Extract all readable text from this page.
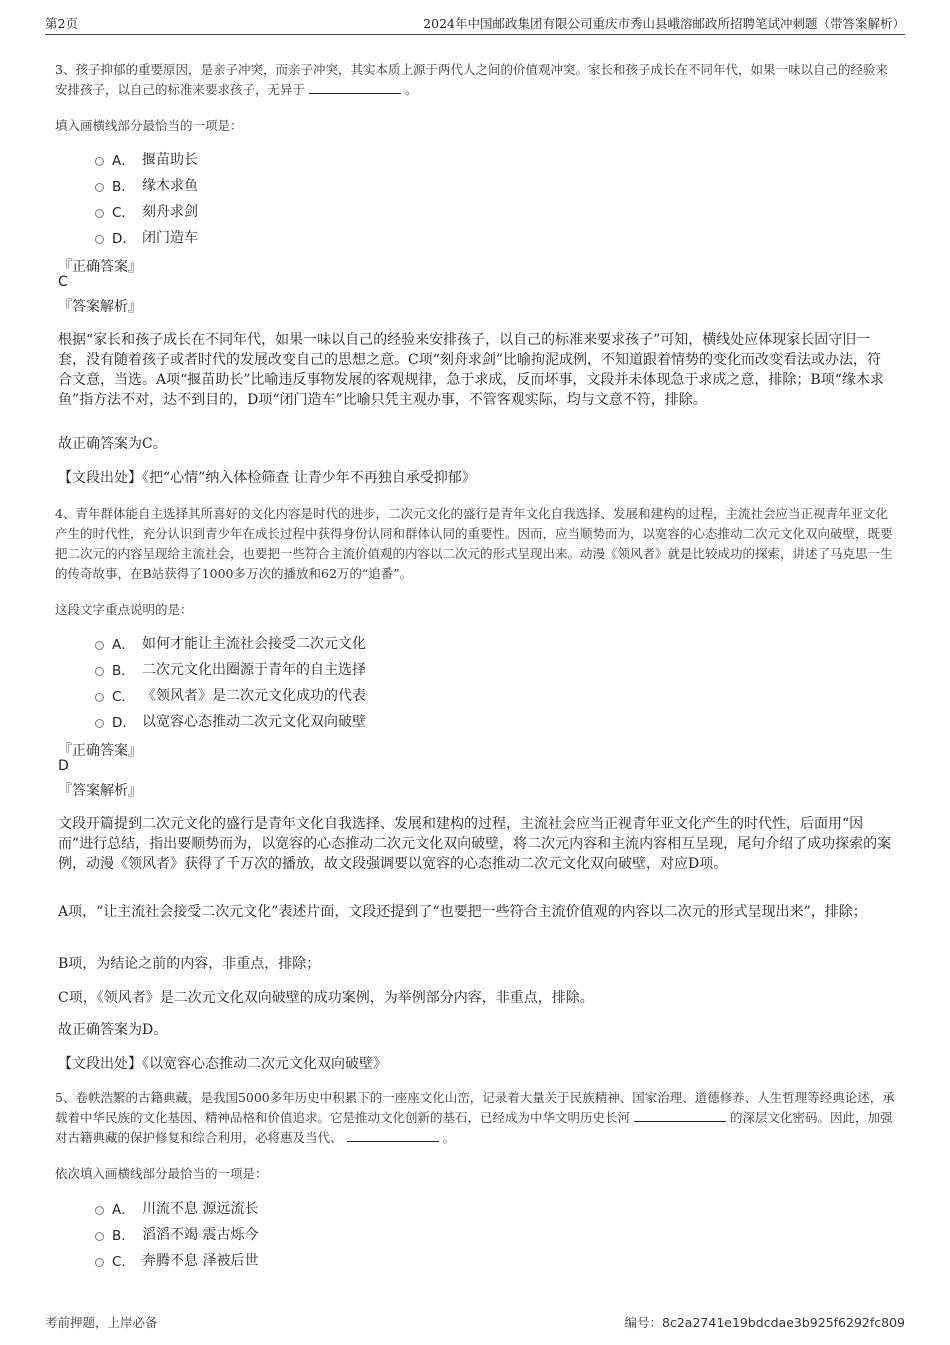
第2页	2024年中国邮政集团有限公司重庆市秀山县峨溶邮政所招聘笔试冲刺题（带答案解析）
3、孩子抑郁的重要原因，是亲子冲突，而亲子冲突，其实本质上源于两代人之间的价值观冲突。家长和孩子成长在不同年代，如果一味以自己的经验来安排孩子，以自己的标准来要求孩子，无异于	。
填入画横线部分最恰当的一项是：
A． 揠苗助长
B． 缘木求鱼
C． 刻舟求剑
D． 闭门造车
『正确答案』
C
『答案解析』
根据“家长和孩子成长在不同年代，如果一味以自己的经验来安排孩子，以自己的标准来要求孩子”可知，横线处应体现家长固守旧一套，没有随着孩子或者时代的发展改变自己的思想之意。C项“刻舟求剑”比喻拘泥成例，不知道跟着情势的变化而改变看法或办法，符合文意，当选。A项“揠苗助长”比喻违反事物发展的客观规律，急于求成，反而坏事，文段并未体现急于求成之意，排除；B项“缘木求鱼”指方法不对，达不到目的，D项“闭门造车”比喻只凭主观办事，不管客观实际，均与文意不符，排除。
故正确答案为C。
【文段出处】《把“心情”纳入体检筛查 让青少年不再独自承受抑郁》
4、青年群体能自主选择其所喜好的文化内容是时代的进步，二次元文化的盛行是青年文化自我选择、发展和建构的过程，主流社会应当正视青年亚文化产生的时代性，充分认识到青少年在成长过程中获得身份认同和群体认同的重要性。因而，应当顺势而为，以宽容的心态推动二次元文化双向破壁，既要把二次元的内容呈现给主流社会，也要把一些符合主流价值观的内容以二次元的形式呈现出来。动漫《领风者》就是比较成功的探索，讲述了马克思一生的传奇故事，在B站获得了1000多万次的播放和62万的“追番”。
这段文字重点说明的是：
A． 如何才能让主流社会接受二次元文化
B． 二次元文化出圈源于青年的自主选择
C． 《领风者》是二次元文化成功的代表
D． 以宽容心态推动二次元文化双向破壁
『正确答案』
D
『答案解析』
文段开篇提到二次元文化的盛行是青年文化自我选择、发展和建构的过程，主流社会应当正视青年亚文化产生的时代性，后面用“因而”进行总结，指出要顺势而为，以宽容的心态推动二次元文化双向破壁，将二次元内容和主流内容相互呈现，尾句介绍了成功探索的案例，动漫《领风者》获得了千万次的播放，故文段强调要以宽容的心态推动二次元文化双向破壁，对应D项。
A项，“让主流社会接受二次元文化”表述片面，文段还提到了“也要把一些符合主流价值观的内容以二次元的形式呈现出来”，排除；
B项，为结论之前的内容，非重点，排除；
C项，《领风者》是二次元文化双向破壁的成功案例，为举例部分内容，非重点，排除。
故正确答案为D。
【文段出处】《以宽容心态推动二次元文化双向破壁》
5、卷帙浩繁的古籍典藏，是我国5000多年历史中积累下的一座座文化山峦，记录着大量关于民族精神、国家治理、道德修养、人生哲理等经典论述，承载着中华民族的文化基因、精神品格和价值追求。它是推动文化创新的基石，已经成为中华文明历史长河	的深层文化密码。因此，加强对古籍典藏的保护修复和综合利用，必将惠及当代、	。
依次填入画横线部分最恰当的一项是：
A． 川流不息 源远流长
B． 滔滔不竭 震古烁今
C． 奔腾不息 泽被后世
考前押题，上岸必备	编号：8c2a2741e19bdcdae3b925f6292fc809
